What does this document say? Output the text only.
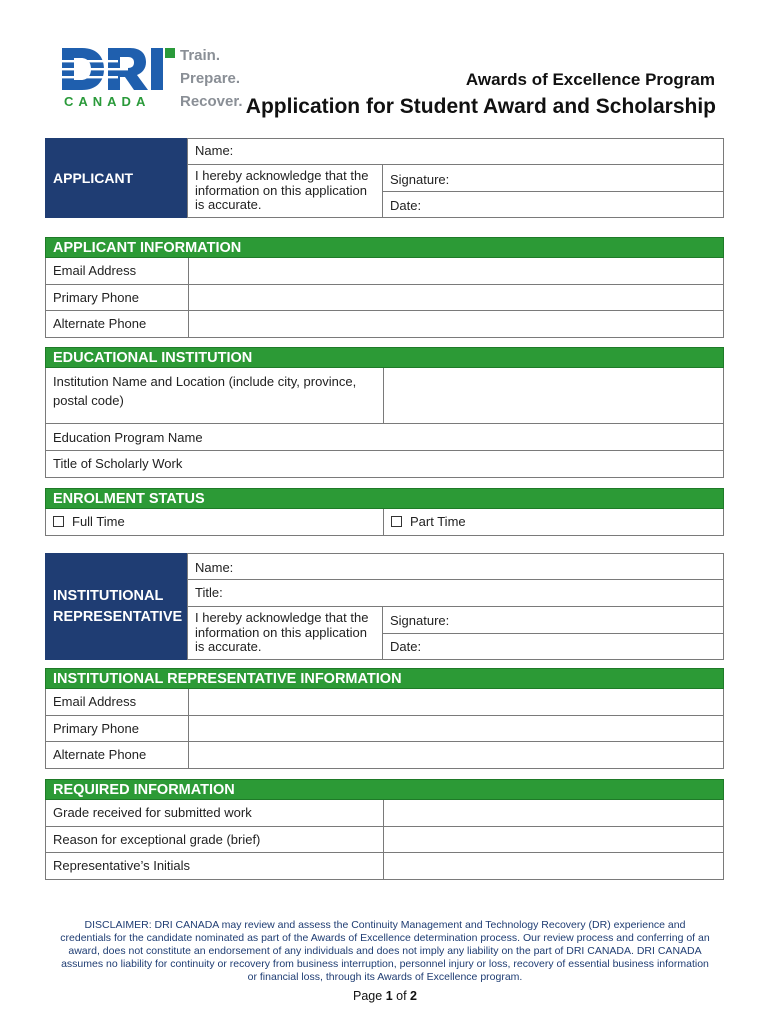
CANADA
Train.
Prepare.
Recover.
Awards of Excellence Program
Application for Student Award and Scholarship
APPLICANT
Name:
I hereby acknowledge that the information on this application is accurate.
Signature:
Date:
APPLICANT INFORMATION
Email Address
Primary Phone
Alternate Phone
EDUCATIONAL INSTITUTION
Institution Name and Location (include city, province, postal code)
Education Program Name
Title of Scholarly Work
ENROLMENT STATUS
Full Time	Part Time
INSTITUTIONAL
REPRESENTATIVE
Name:
Title:
I hereby acknowledge that the information on this application is accurate.
Signature:
Date:
INSTITUTIONAL REPRESENTATIVE INFORMATION
Email Address
Primary Phone
Alternate Phone
REQUIRED INFORMATION
Grade received for submitted work
Reason for exceptional grade (brief)
Representative’s Initials
DISCLAIMER: DRI CANADA may review and assess the Continuity Management and Technology Recovery (DR) experience and credentials for the candidate nominated as part of the Awards of Excellence determination process. Our review process and conferring of an award, does not constitute an endorsement of any individuals and does not imply any liability on the part of DRI CANADA. DRI CANADA assumes no liability for continuity or recovery from business interruption, personnel injury or loss, recovery of essential business information or financial loss, through its Awards of Excellence program.
Page 1 of 2
